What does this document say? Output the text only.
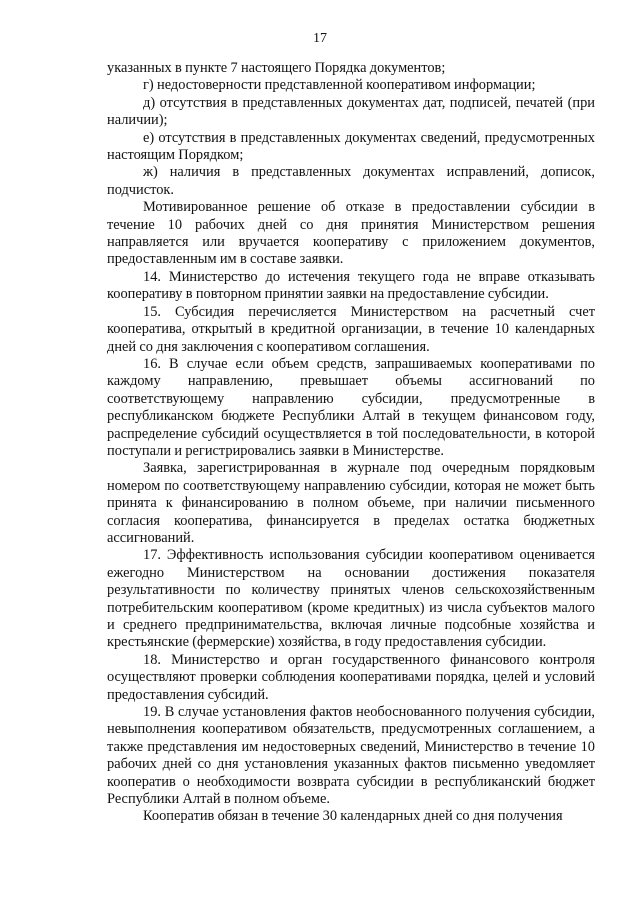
17

указанных в пункте 7 настоящего Порядка документов;

г) недостоверности представленной кооперативом информации;

д) отсутствия в представленных документах дат, подписей, печатей (при наличии);

е) отсутствия в представленных документах сведений, предусмотренных настоящим Порядком;

ж) наличия в представленных документах исправлений, дописок, подчисток.

Мотивированное решение об отказе в предоставлении субсидии в течение 10 рабочих дней со дня принятия Министерством решения направляется или вручается кооперативу с приложением документов, предоставленным им в составе заявки.

14. Министерство до истечения текущего года не вправе отказывать кооперативу в повторном принятии заявки на предоставление субсидии.

15. Субсидия перечисляется Министерством на расчетный счет кооператива, открытый в кредитной организации, в течение 10 календарных дней со дня заключения с кооперативом соглашения.

16. В случае если объем средств, запрашиваемых кооперативами по каждому направлению, превышает объемы ассигнований по соответствующему направлению субсидии, предусмотренные в республиканском бюджете Республики Алтай в текущем финансовом году, распределение субсидий осуществляется в той последовательности, в которой поступали и регистрировались заявки в Министерстве.

Заявка, зарегистрированная в журнале под очередным порядковым номером по соответствующему направлению субсидии, которая не может быть принята к финансированию в полном объеме, при наличии письменного согласия кооператива, финансируется в пределах остатка бюджетных ассигнований.

17. Эффективность использования субсидии кооперативом оценивается ежегодно Министерством на основании достижения показателя результативности по количеству принятых членов сельскохозяйственным потребительским кооперативом (кроме кредитных) из числа субъектов малого и среднего предпринимательства, включая личные подсобные хозяйства и крестьянские (фермерские) хозяйства, в году предоставления субсидии.

18. Министерство и орган государственного финансового контроля осуществляют проверки соблюдения кооперативами порядка, целей и условий предоставления субсидий.

19. В случае установления фактов необоснованного получения субсидии, невыполнения кооперативом обязательств, предусмотренных соглашением, а также представления им недостоверных сведений, Министерство в течение 10 рабочих дней со дня установления указанных фактов письменно уведомляет кооператив о необходимости возврата субсидии в республиканский бюджет Республики Алтай в полном объеме.

Кооператив обязан в течение 30 календарных дней со дня получения
